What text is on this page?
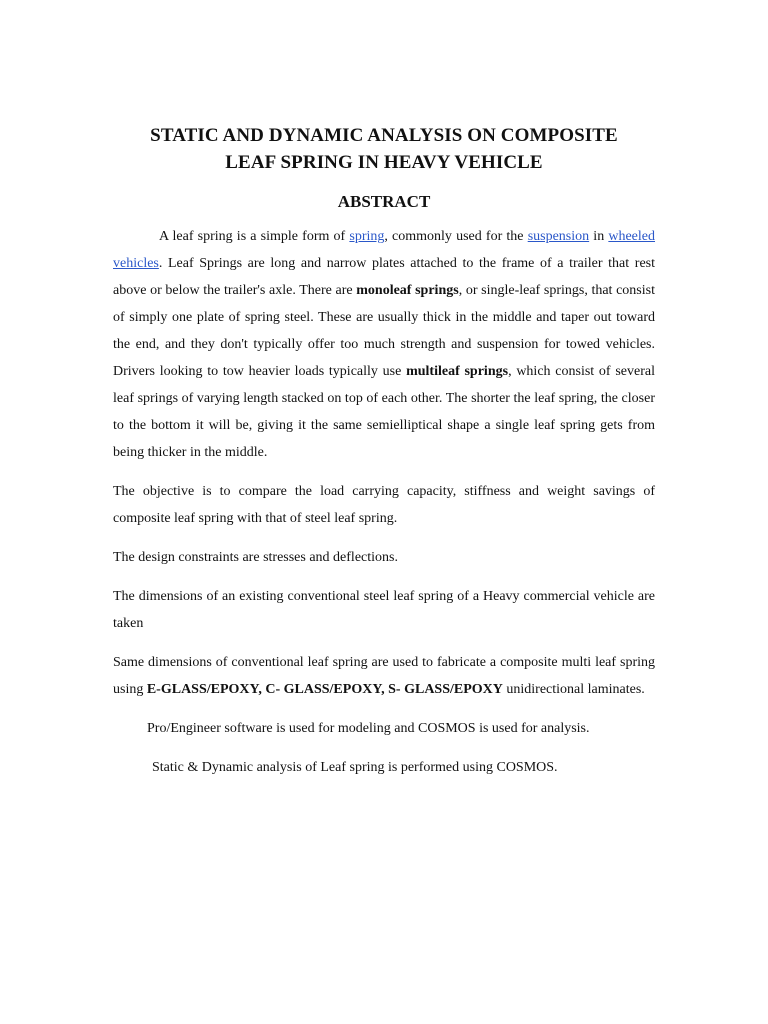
STATIC AND DYNAMIC ANALYSIS ON COMPOSITE
LEAF SPRING IN HEAVY VEHICLE
ABSTRACT

A leaf spring is a simple form of spring, commonly used for the suspension in wheeled vehicles. Leaf Springs are long and narrow plates attached to the frame of a trailer that rest above or below the trailer's axle. There are monoleaf springs, or single-leaf springs, that consist of simply one plate of spring steel. These are usually thick in the middle and taper out toward the end, and they don't typically offer too much strength and suspension for towed vehicles. Drivers looking to tow heavier loads typically use multileaf springs, which consist of several leaf springs of varying length stacked on top of each other. The shorter the leaf spring, the closer to the bottom it will be, giving it the same semielliptical shape a single leaf spring gets from being thicker in the middle.

The objective is to compare the load carrying capacity, stiffness and weight savings of composite leaf spring with that of steel leaf spring.

The design constraints are stresses and deflections.

The dimensions of an existing conventional steel leaf spring of a Heavy commercial vehicle are taken

Same dimensions of conventional leaf spring are used to fabricate a composite multi leaf spring using E-GLASS/EPOXY, C- GLASS/EPOXY, S- GLASS/EPOXY unidirectional laminates.

Pro/Engineer software is used for modeling and COSMOS is used for analysis.

Static & Dynamic analysis of Leaf spring is performed using COSMOS.
